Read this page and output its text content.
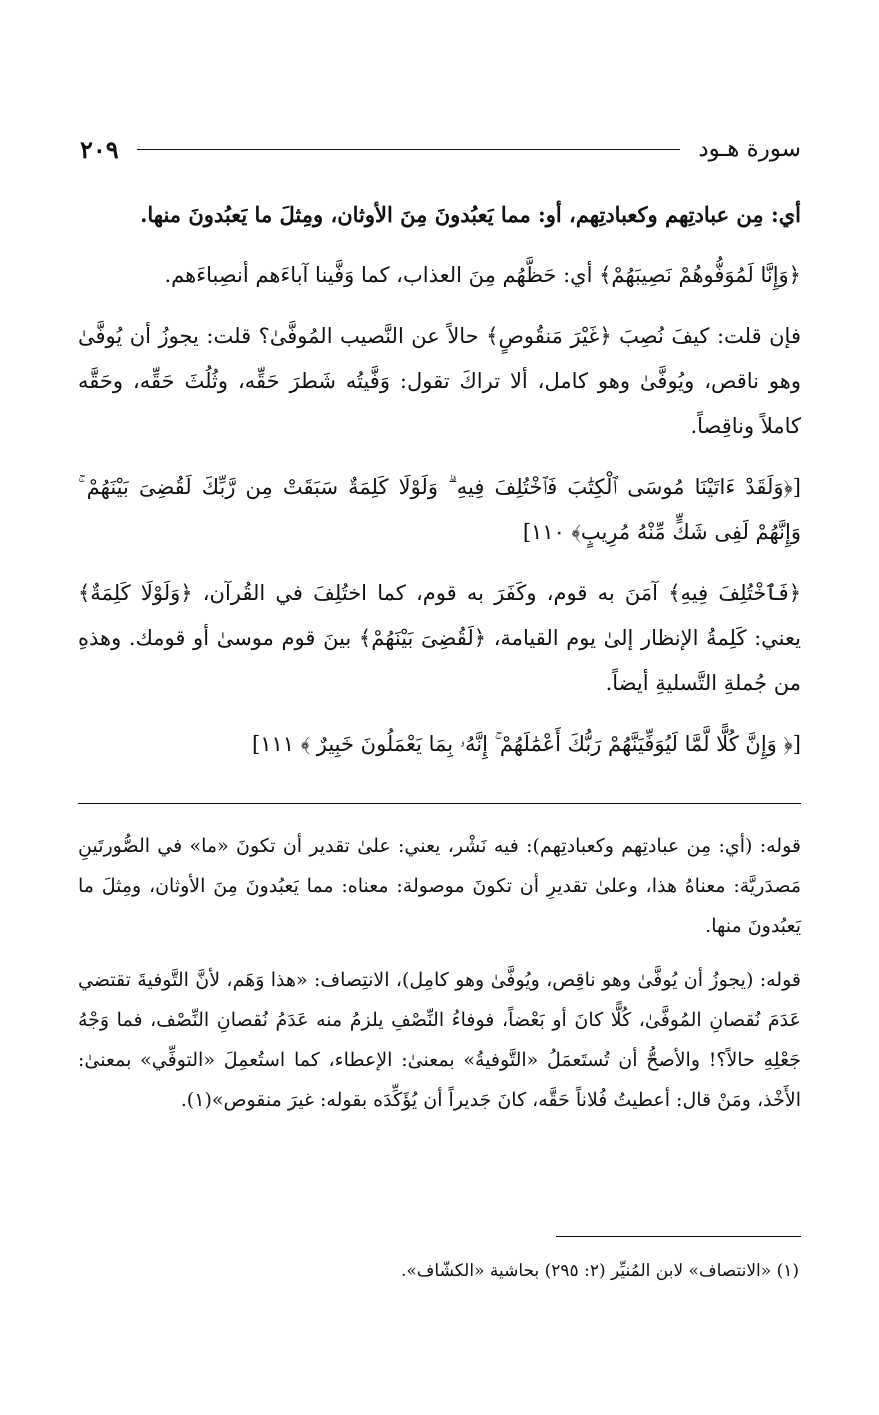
سورة هـود
٢٠٩

أي: مِن عبادتِهم وكعبادتِهم، أو: مما يَعبُدونَ مِنَ الأوثان، ومِثلَ ما يَعبُدونَ منها.

﴿وَإِنَّا لَمُوَفُّوهُمْ نَصِيبَهُمْ﴾ أي: حَظَّهُم مِنَ العذاب، كما وَفَّينا آباءَهم أنصِباءَهم.

فإن قلت: كيفَ نُصِبَ ﴿غَيْرَ مَنقُوصٍ﴾ حالاً عن النَّصيب المُوفَّىٰ؟ قلت: يجوزُ أن يُوفَّىٰ وهو ناقص، ويُوفَّىٰ وهو كامل، ألا تراكَ تقول: وَفَّيتُه شَطرَ حَقِّه، وثُلُثَ حَقِّه، وحَقَّه كاملاً وناقِصاً.

[﴿وَلَقَدْ ءَاتَيْنَا مُوسَى ٱلْكِتَٰبَ فَٱخْتُلِفَ فِيهِ ۗ وَلَوْلَا كَلِمَةٌ سَبَقَتْ مِن رَّبِّكَ لَقُضِىَ بَيْنَهُمْ ۚ وَإِنَّهُمْ لَفِى شَكٍّ مِّنْهُ مُرِيبٍ﴾ ١١٠]

﴿فَٱخْتُلِفَ فِيهِ﴾ آمَنَ به قوم، وكَفَرَ به قوم، كما اختُلِفَ في القُرآن، ﴿وَلَوْلَا كَلِمَةٌ﴾ يعني: كَلِمةُ الإنظار إلىٰ يوم القيامة، ﴿لَقُضِىَ بَيْنَهُمْ﴾ بينَ قوم موسىٰ أو قومك. وهذهِ من جُملةِ التَّسليةِ أيضاً.

[﴿ وَإِنَّ كُلًّا لَّمَّا لَيُوَفِّيَنَّهُمْ رَبُّكَ أَعْمَٰلَهُمْ ۚ إِنَّهُۥ بِمَا يَعْمَلُونَ خَبِيرٌ ﴾ ١١١]

قوله: (أي: مِن عبادتِهم وكعبادتِهم): فيه نَشْر، يعني: علىٰ تقدير أن تكونَ «ما» في الصُّورتَينِ مَصدَريَّة: معناهُ هذا، وعلىٰ تقديرِ أن تكونَ موصولة: معناه: مما يَعبُدونَ مِنَ الأوثان، ومِثلَ ما يَعبُدونَ منها.

قوله: (يجوزُ أن يُوفَّىٰ وهو ناقِص، ويُوفَّىٰ وهو كامِل)، الانتِصاف: «هذا وَهَم، لأنَّ التَّوفيةَ تقتضي عَدَمَ نُقصانِ المُوفَّىٰ، كُلًّا كانَ أو بَعْضاً، فوفاءُ النِّصْفِ يلزمُ منه عَدَمُ نُقصانِ النِّصْف، فما وَجْهُ جَعْلِهِ حالاً؟! والأصحُّ أن تُستَعمَلُ «التَّوفيةُ» بمعنىٰ: الإعطاء، كما استُعمِلَ «التوفِّي» بمعنىٰ: الأَخْذ، ومَنْ قال: أعطيتُ فُلاناً حَقَّه، كانَ جَديراً أن يُؤَكِّدَه بقوله: غيرَ منقوص»(١).

(١) «الانتصاف» لابن المُنيِّر (٢: ٢٩٥) بحاشية «الكشّاف».
